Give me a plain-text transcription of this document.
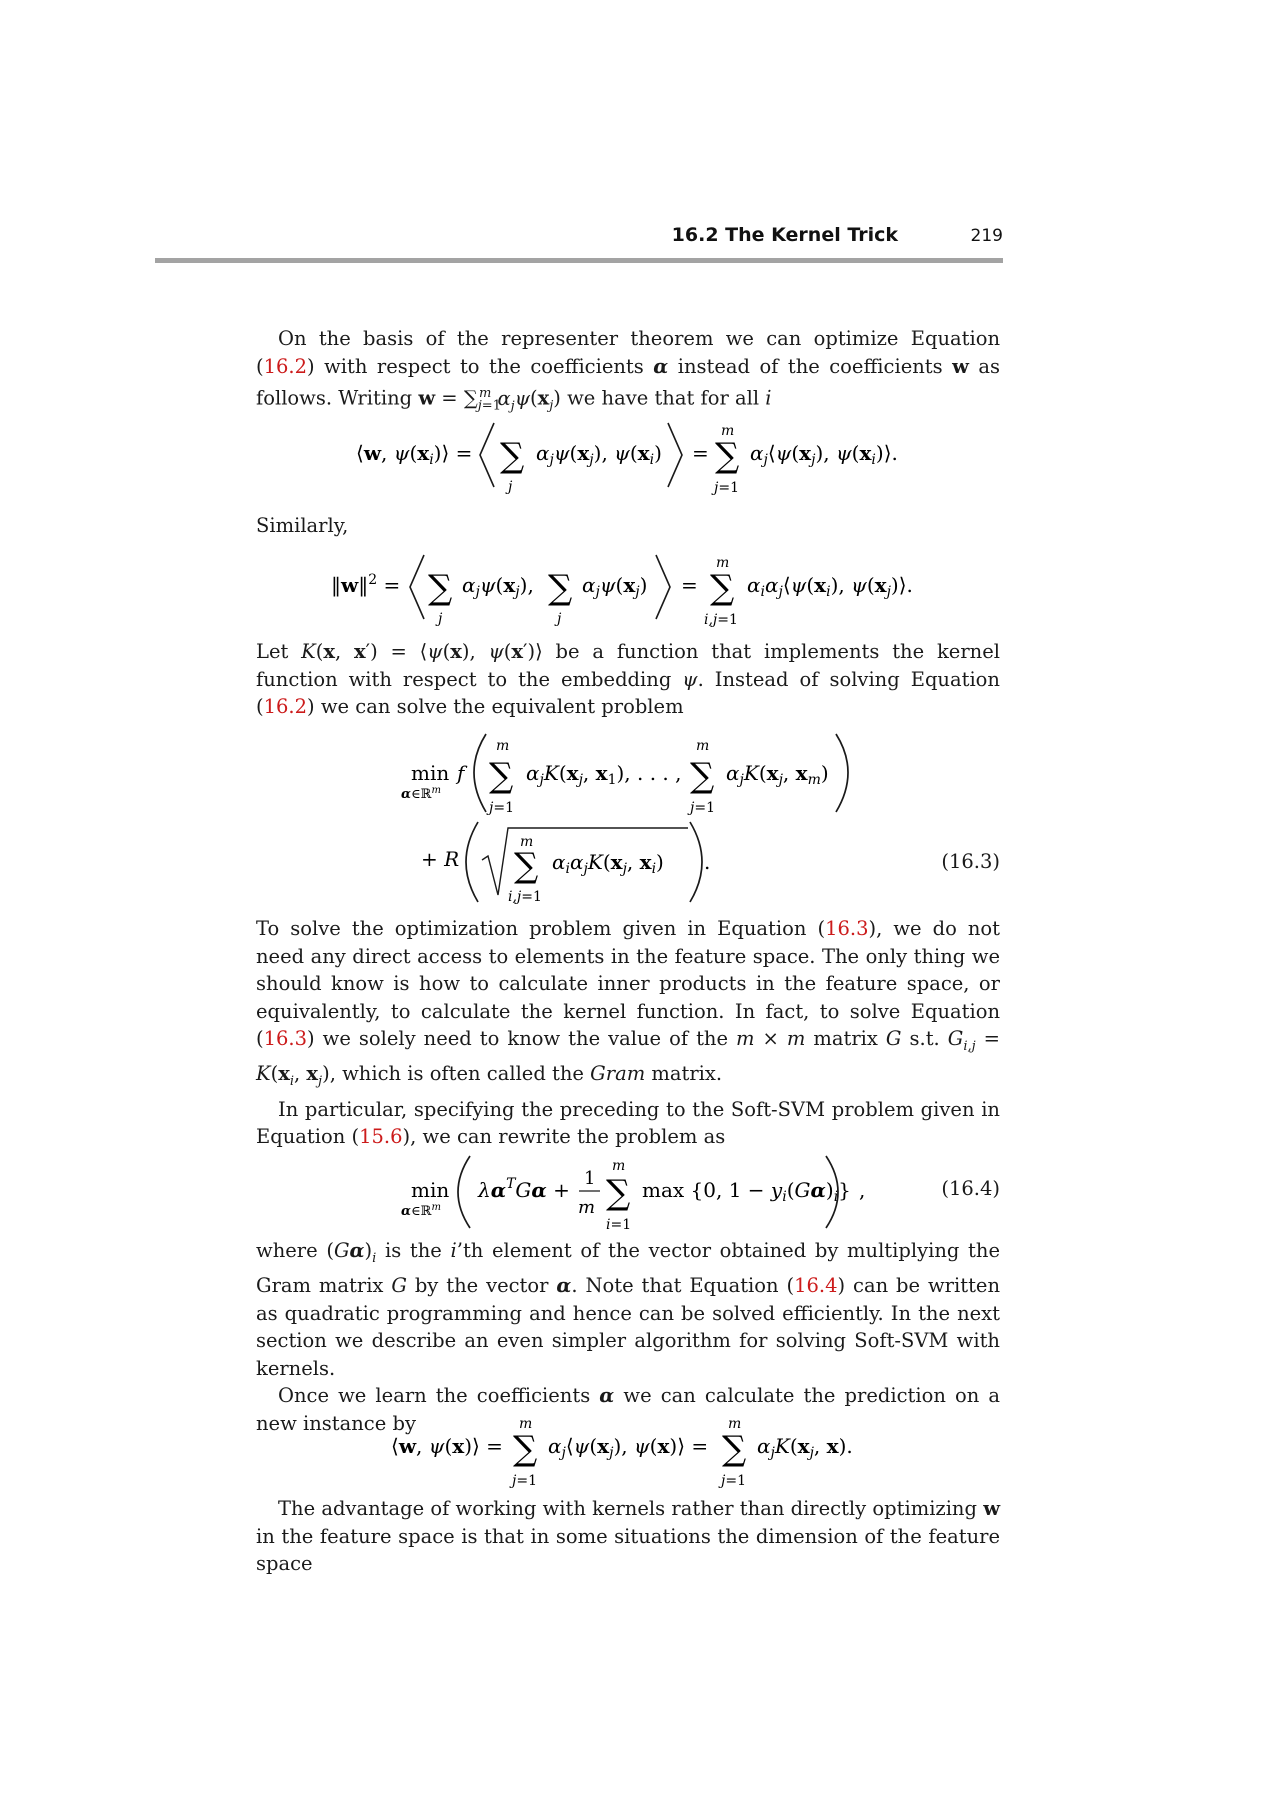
16.2 The Kernel Trick	219

On the basis of the representer theorem we can optimize Equation (16.2) with respect to the coefficients α instead of the coefficients w as follows. Writing $w = \sum_{j=1}^m$ $\alpha_j\psi(x_j)$ we have that for all i

⟨w, $\psi(x_i)⟩$ = ∑
j
$\alpha_j\psi(x_j)$, $\psi(x_i)$ =
m
∑
j=1
$\alpha_j⟨\psi(x_j)$, $\psi(x_i)⟩$.

Similarly,

‖w‖$^2$ = ∑
j
$\alpha_j\psi(x_j)$, ∑
j
$\alpha_j\psi(x_j)$ =
m
∑
i,j=1
$\alpha_i\alpha_j⟨\psi(x_i)$, $\psi(x_j)⟩$.

Let K(x, x′) = ⟨ψ(x), ψ(x′)⟩ be a function that implements the kernel function with respect to the embedding ψ. Instead of solving Equation (16.2) we can solve the equivalent problem

min
α∈ℝ$^m$
f
m
∑
j=1
$\alpha_jK(x_j$, $x_1$), . . . ,
m
∑
j=1
$\alpha_jK(x_j$, $x_m$)
+ R
m
∑
i,j=1
$\alpha_i\alpha_jK(x_j$, $x_i$) .	(16.3)

To solve the optimization problem given in Equation (16.3), we do not need any direct access to elements in the feature space. The only thing we should know is how to calculate inner products in the feature space, or equivalently, to calculate the kernel function. In fact, to solve Equation (16.3) we solely need to know the value of the m × m matrix G s.t. $G_{i,j} = K(x_i$, $x_j$), which is often called the Gram matrix.

In particular, specifying the preceding to the Soft-SVM problem given in Equation (15.6), we can rewrite the problem as

min
α∈ℝ$^m$
$\lambda\alpha^TG\alpha + 1$
m
m
∑
i=1
max {0, $1 - y_i(G\alpha)_i$} ,	(16.4)

where $(G\alpha)_i$ is the i’th element of the vector obtained by multiplying the Gram matrix G by the vector α. Note that Equation (16.4) can be written as quadratic programming and hence can be solved efficiently. In the next section we describe an even simpler algorithm for solving Soft-SVM with kernels.

Once we learn the coefficients α we can calculate the prediction on a new instance by

⟨w, ψ(x)⟩ =
m
∑
j=1
$\alpha_j⟨\psi(x_j)$, ψ(x)⟩ =
m
∑
j=1
$\alpha_jK(x_j$, x).

The advantage of working with kernels rather than directly optimizing w in the feature space is that in some situations the dimension of the feature space
